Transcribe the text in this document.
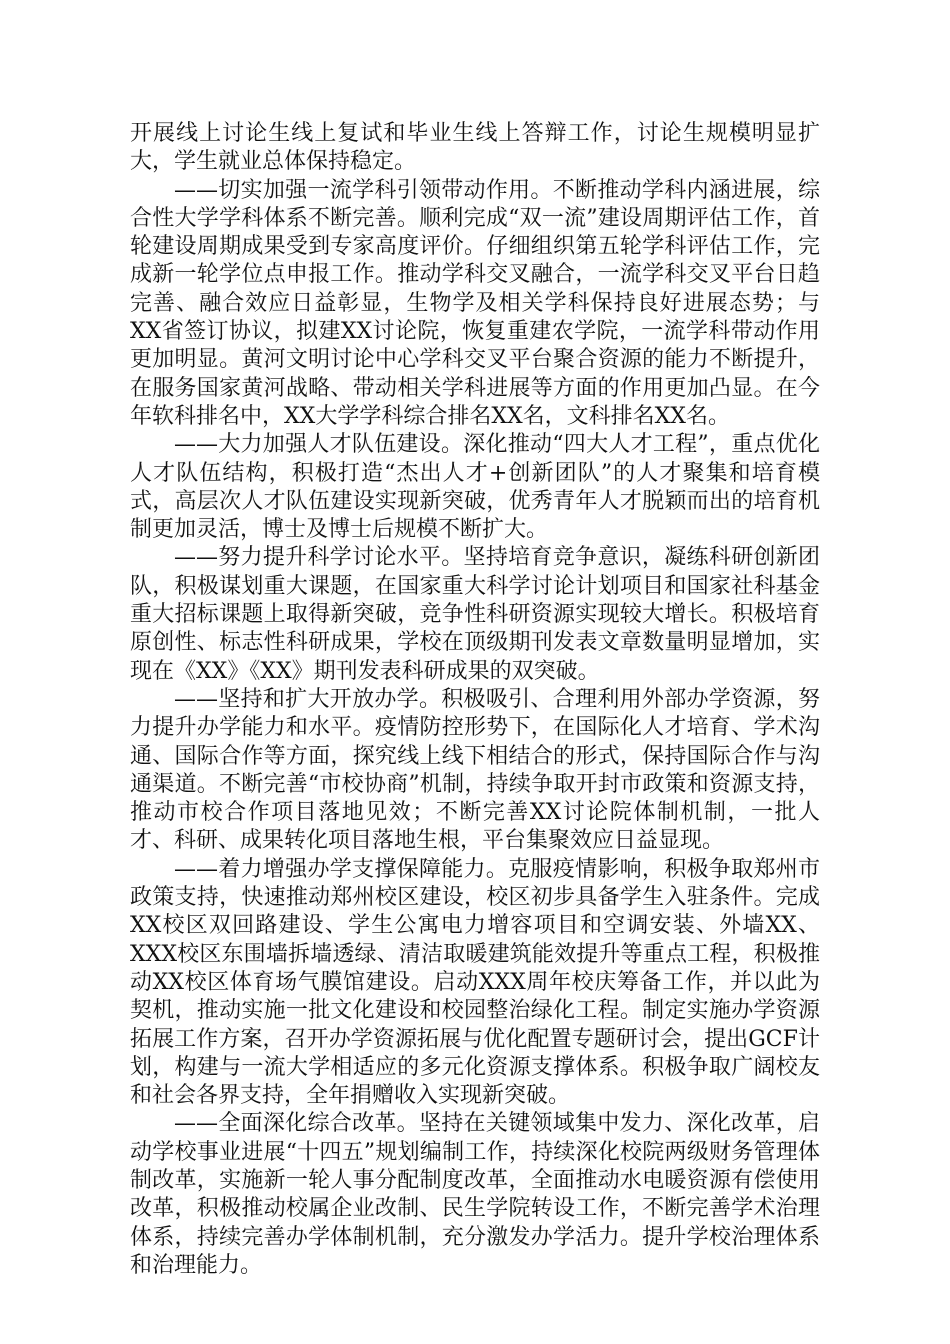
开展线上讨论生线上复试和毕业生线上答辩工作，讨论生规模明显扩大，学生就业总体保持稳定。

——切实加强一流学科引领带动作用。不断推动学科内涵进展，综合性大学学科体系不断完善。顺利完成“双一流”建设周期评估工作，首轮建设周期成果受到专家高度评价。仔细组织第五轮学科评估工作，完成新一轮学位点申报工作。推动学科交叉融合，一流学科交叉平台日趋完善、融合效应日益彰显，生物学及相关学科保持良好进展态势；与XX省签订协议，拟建XX讨论院，恢复重建农学院，一流学科带动作用更加明显。黄河文明讨论中心学科交叉平台聚合资源的能力不断提升，在服务国家黄河战略、带动相关学科进展等方面的作用更加凸显。在今年软科排名中，XX大学学科综合排名XX名，文科排名XX名。

——大力加强人才队伍建设。深化推动“四大人才工程”，重点优化人才队伍结构，积极打造“杰出人才+创新团队”的人才聚集和培育模式，高层次人才队伍建设实现新突破，优秀青年人才脱颖而出的培育机制更加灵活，博士及博士后规模不断扩大。

——努力提升科学讨论水平。坚持培育竞争意识，凝练科研创新团队，积极谋划重大课题，在国家重大科学讨论计划项目和国家社科基金重大招标课题上取得新突破，竞争性科研资源实现较大增长。积极培育原创性、标志性科研成果，学校在顶级期刊发表文章数量明显增加，实现在《XX》《XX》期刊发表科研成果的双突破。

——坚持和扩大开放办学。积极吸引、合理利用外部办学资源，努力提升办学能力和水平。疫情防控形势下，在国际化人才培育、学术沟通、国际合作等方面，探究线上线下相结合的形式，保持国际合作与沟通渠道。不断完善“市校协商”机制，持续争取开封市政策和资源支持，推动市校合作项目落地见效；不断完善XX讨论院体制机制，一批人才、科研、成果转化项目落地生根，平台集聚效应日益显现。

——着力增强办学支撑保障能力。克服疫情影响，积极争取郑州市政策支持，快速推动郑州校区建设，校区初步具备学生入驻条件。完成XX校区双回路建设、学生公寓电力增容项目和空调安装、外墙XX、XXX校区东围墙拆墙透绿、清洁取暖建筑能效提升等重点工程，积极推动XX校区体育场气膜馆建设。启动XXX周年校庆筹备工作，并以此为契机，推动实施一批文化建设和校园整治绿化工程。制定实施办学资源拓展工作方案，召开办学资源拓展与优化配置专题研讨会，提出GCF计划，构建与一流大学相适应的多元化资源支撑体系。积极争取广阔校友和社会各界支持，全年捐赠收入实现新突破。

——全面深化综合改革。坚持在关键领域集中发力、深化改革，启动学校事业进展“十四五”规划编制工作，持续深化校院两级财务管理体制改革，实施新一轮人事分配制度改革，全面推动水电暖资源有偿使用改革，积极推动校属企业改制、民生学院转设工作，不断完善学术治理体系，持续完善办学体制机制，充分激发办学活力。提升学校治理体系和治理能力。
